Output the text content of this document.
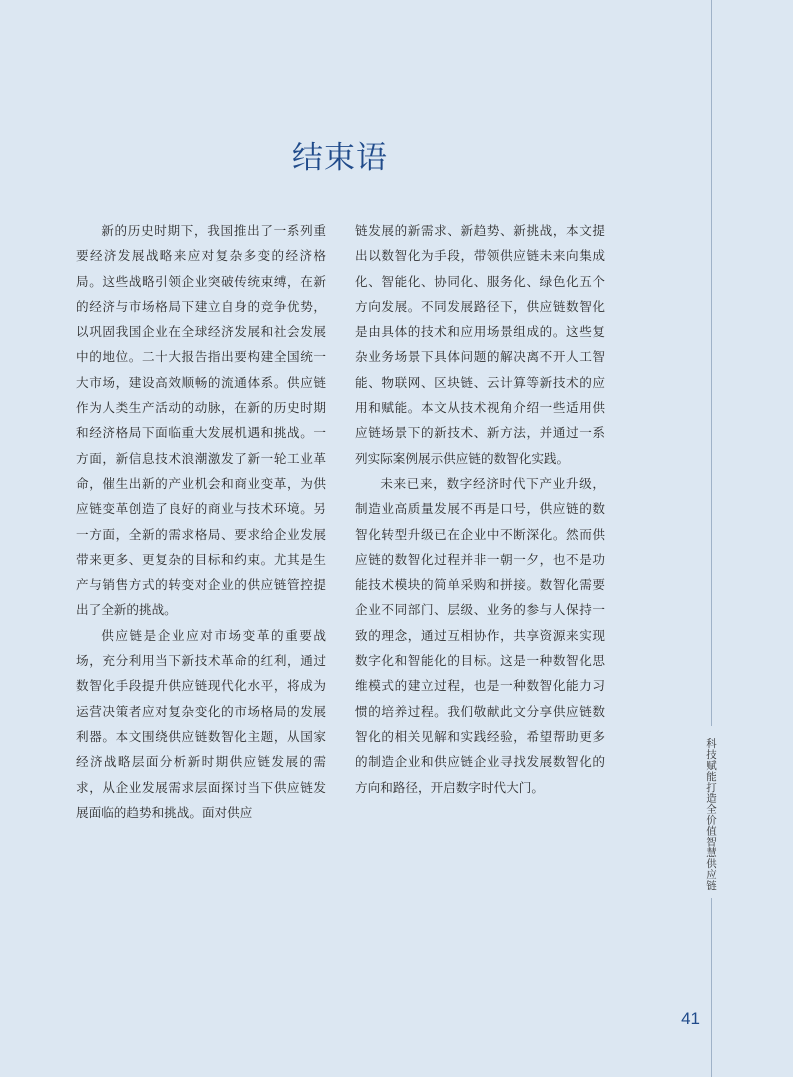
结束语

新的历史时期下，我国推出了一系列重要经济发展战略来应对复杂多变的经济格局。这些战略引领企业突破传统束缚，在新的经济与市场格局下建立自身的竞争优势，以巩固我国企业在全球经济发展和社会发展中的地位。二十大报告指出要构建全国统一大市场，建设高效顺畅的流通体系。供应链作为人类生产活动的动脉，在新的历史时期和经济格局下面临重大发展机遇和挑战。一方面，新信息技术浪潮激发了新一轮工业革命，催生出新的产业机会和商业变革，为供应链变革创造了良好的商业与技术环境。另一方面，全新的需求格局、要求给企业发展带来更多、更复杂的目标和约束。尤其是生产与销售方式的转变对企业的供应链管控提出了全新的挑战。

供应链是企业应对市场变革的重要战场，充分利用当下新技术革命的红利，通过数智化手段提升供应链现代化水平，将成为运营决策者应对复杂变化的市场格局的发展利器。本文围绕供应链数智化主题，从国家经济战略层面分析新时期供应链发展的需求，从企业发展需求层面探讨当下供应链发展面临的趋势和挑战。面对供应

链发展的新需求、新趋势、新挑战，本文提出以数智化为手段，带领供应链未来向集成化、智能化、协同化、服务化、绿色化五个方向发展。不同发展路径下，供应链数智化是由具体的技术和应用场景组成的。这些复杂业务场景下具体问题的解决离不开人工智能、物联网、区块链、云计算等新技术的应用和赋能。本文从技术视角介绍一些适用供应链场景下的新技术、新方法，并通过一系列实际案例展示供应链的数智化实践。

未来已来，数字经济时代下产业升级，制造业高质量发展不再是口号，供应链的数智化转型升级已在企业中不断深化。然而供应链的数智化过程并非一朝一夕，也不是功能技术模块的简单采购和拼接。数智化需要企业不同部门、层级、业务的参与人保持一致的理念，通过互相协作，共享资源来实现数字化和智能化的目标。这是一种数智化思维模式的建立过程，也是一种数智化能力习惯的培养过程。我们敬献此文分享供应链数智化的相关见解和实践经验，希望帮助更多的制造企业和供应链企业寻找发展数智化的方向和路径，开启数字时代大门。	科技赋能打造全价值智慧供应链
41
